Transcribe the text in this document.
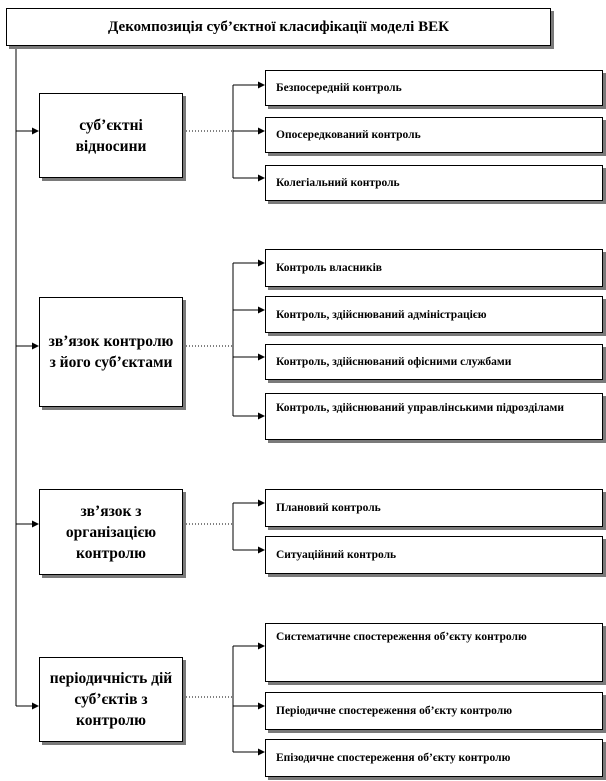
Декомпозиція суб’єктної класифікації моделі ВЕК
суб’єктні відносини
зв’язок контролю з його суб’єктами
зв’язок з організацією контролю
періодичність дій суб’єктів з контролю
Безпосередній контроль
Опосередкований контроль
Колегіальний контроль
Контроль власників
Контроль, здійснюваний адміністрацією
Контроль, здійснюваний офісними службами
Контроль, здійснюваний управлінськими підрозділами
Плановий контроль
Ситуаційний контроль
Систематичне спостереження об’єкту контролю
Періодичне спостереження об’єкту контролю
Епізодичне спостереження об’єкту контролю
